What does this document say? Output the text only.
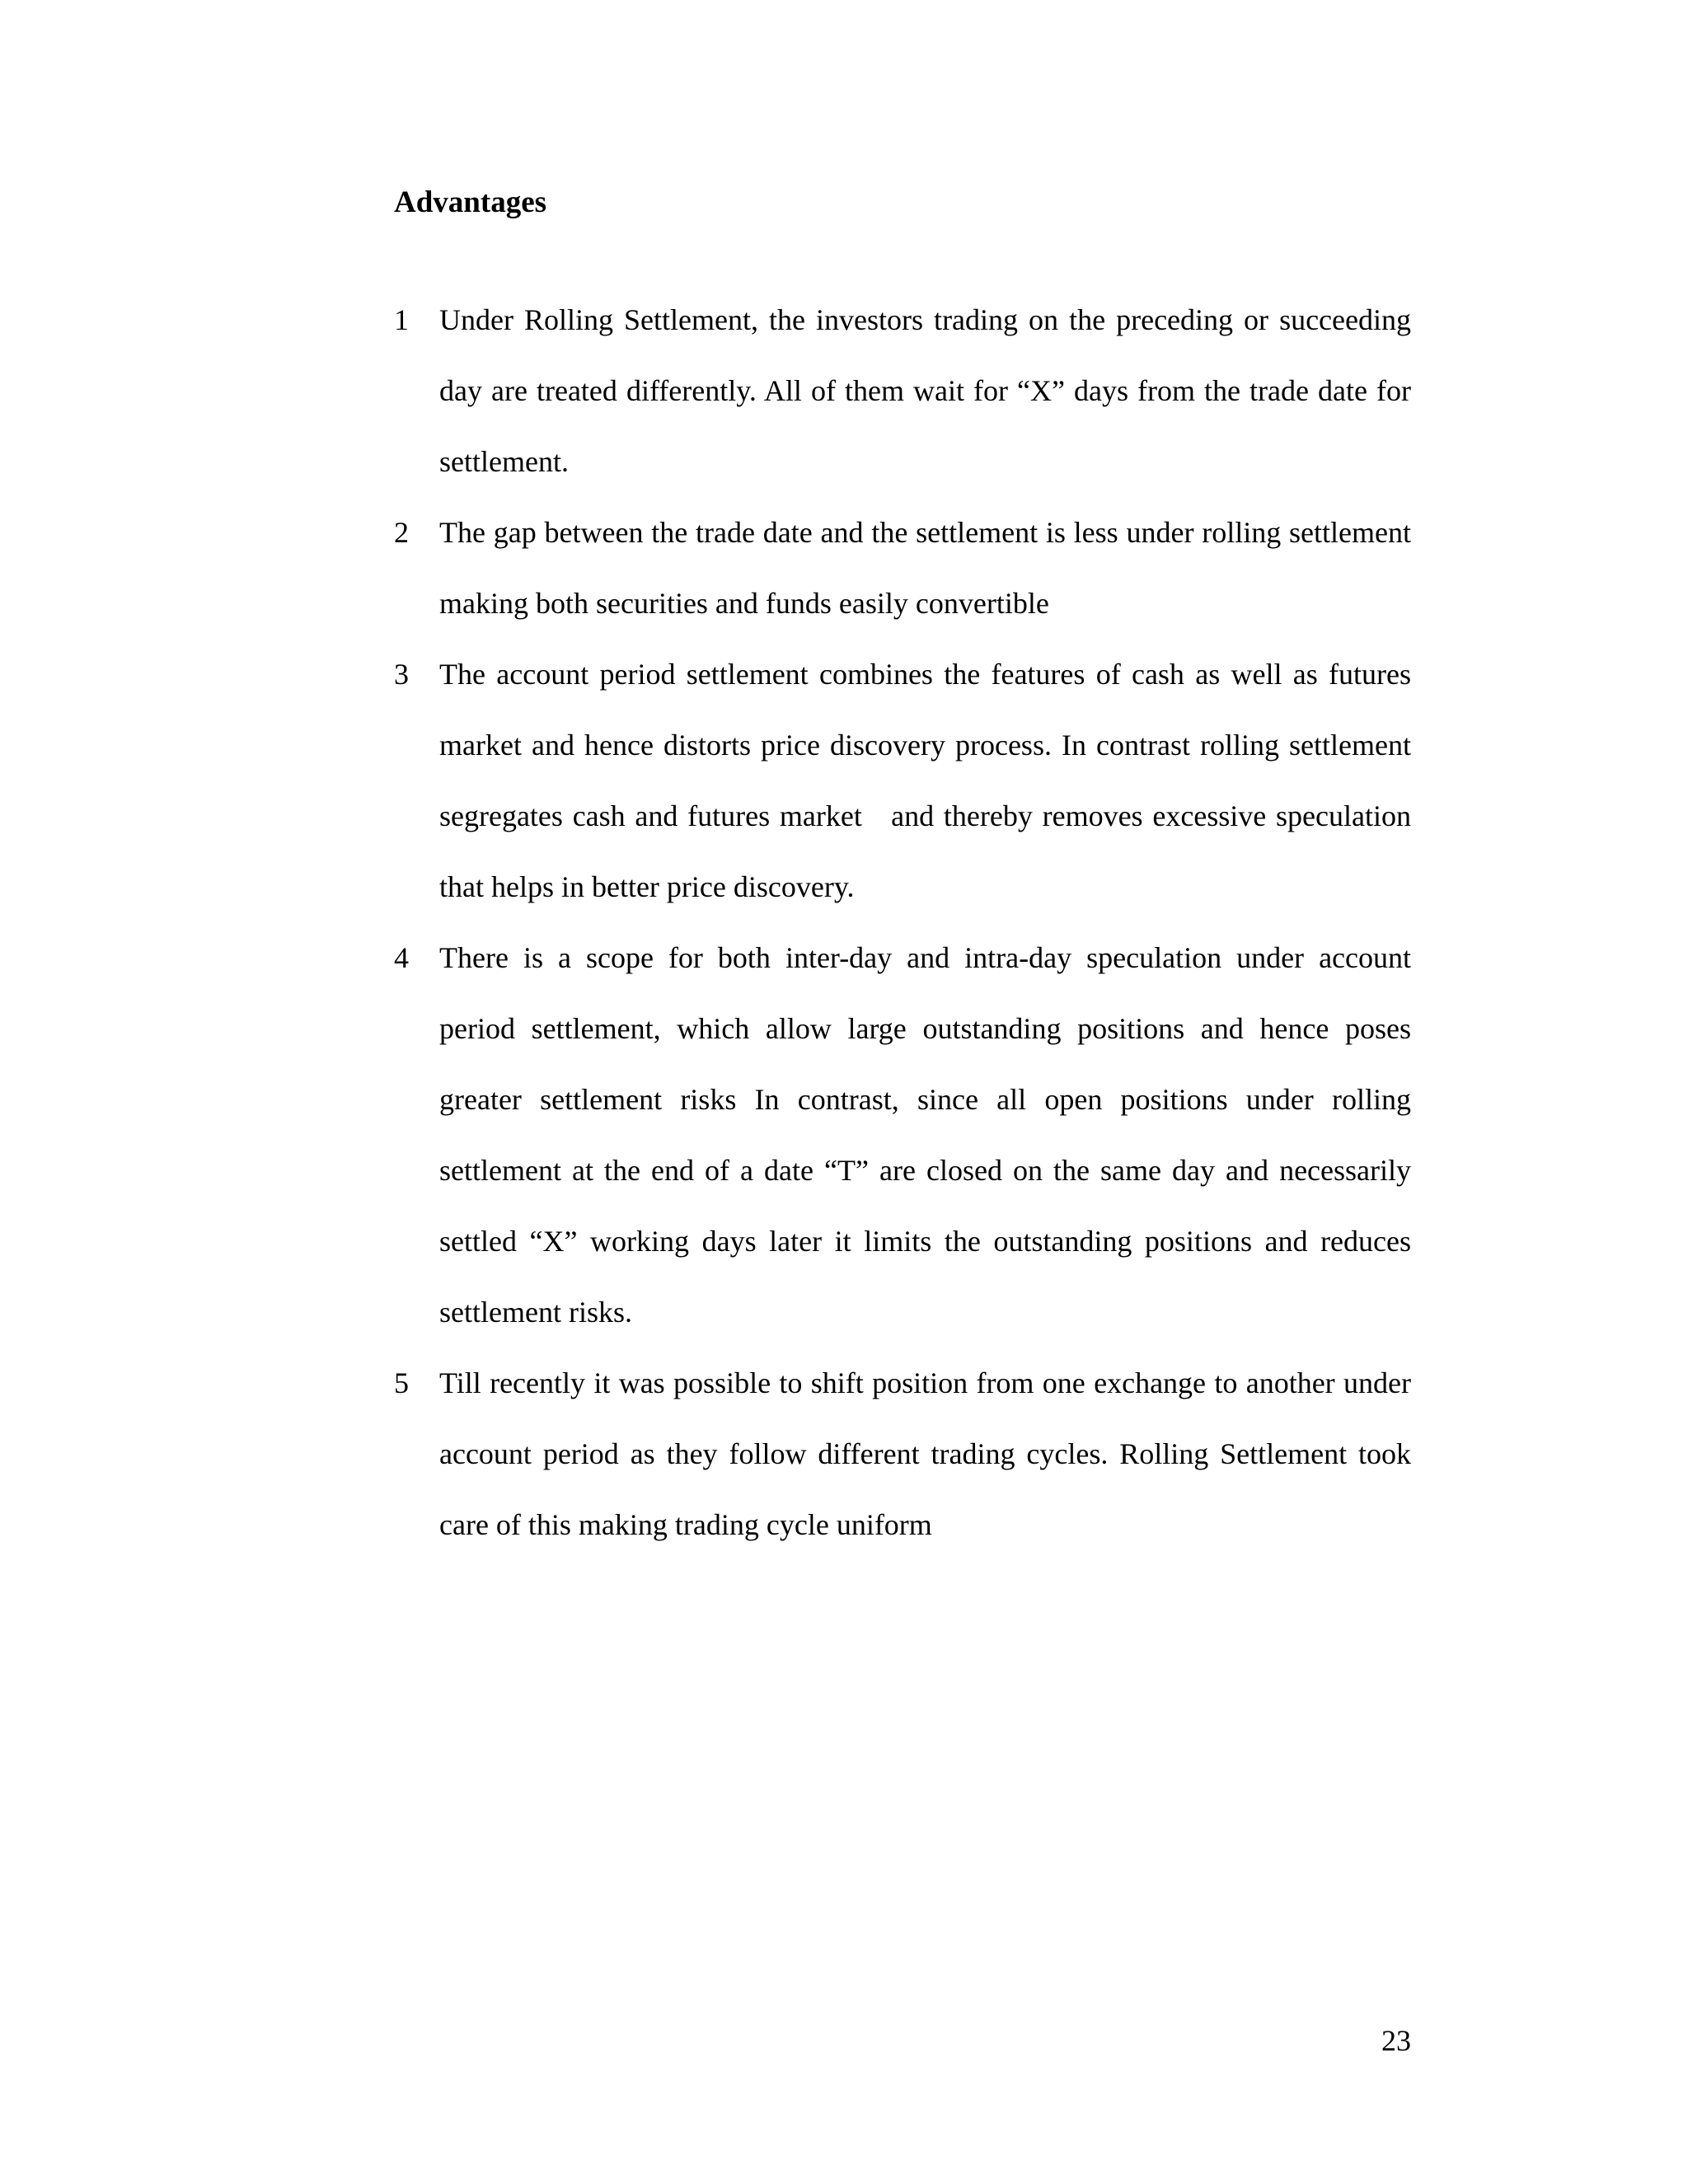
Advantages
1 Under Rolling Settlement, the investors trading on the preceding or succeeding day are treated differently. All of them wait for “X” days from the trade date for settlement.

2 The gap between the trade date and the settlement is less under rolling settlement making both securities and funds easily convertible

3 The account period settlement combines the features of cash as well as futures market and hence distorts price discovery process. In contrast rolling settlement segregates cash and futures market   and thereby removes excessive speculation that helps in better price discovery.

4 There is a scope for both inter-day and intra-day speculation under account period settlement, which allow large outstanding positions and hence poses greater settlement risks In contrast, since all open positions under rolling settlement at the end of a date “T” are closed on the same day and necessarily settled “X” working days later it limits the outstanding positions and reduces settlement risks.

5 Till recently it was possible to shift position from one exchange to another under account period as they follow different trading cycles. Rolling Settlement took care of this making trading cycle uniform

23
